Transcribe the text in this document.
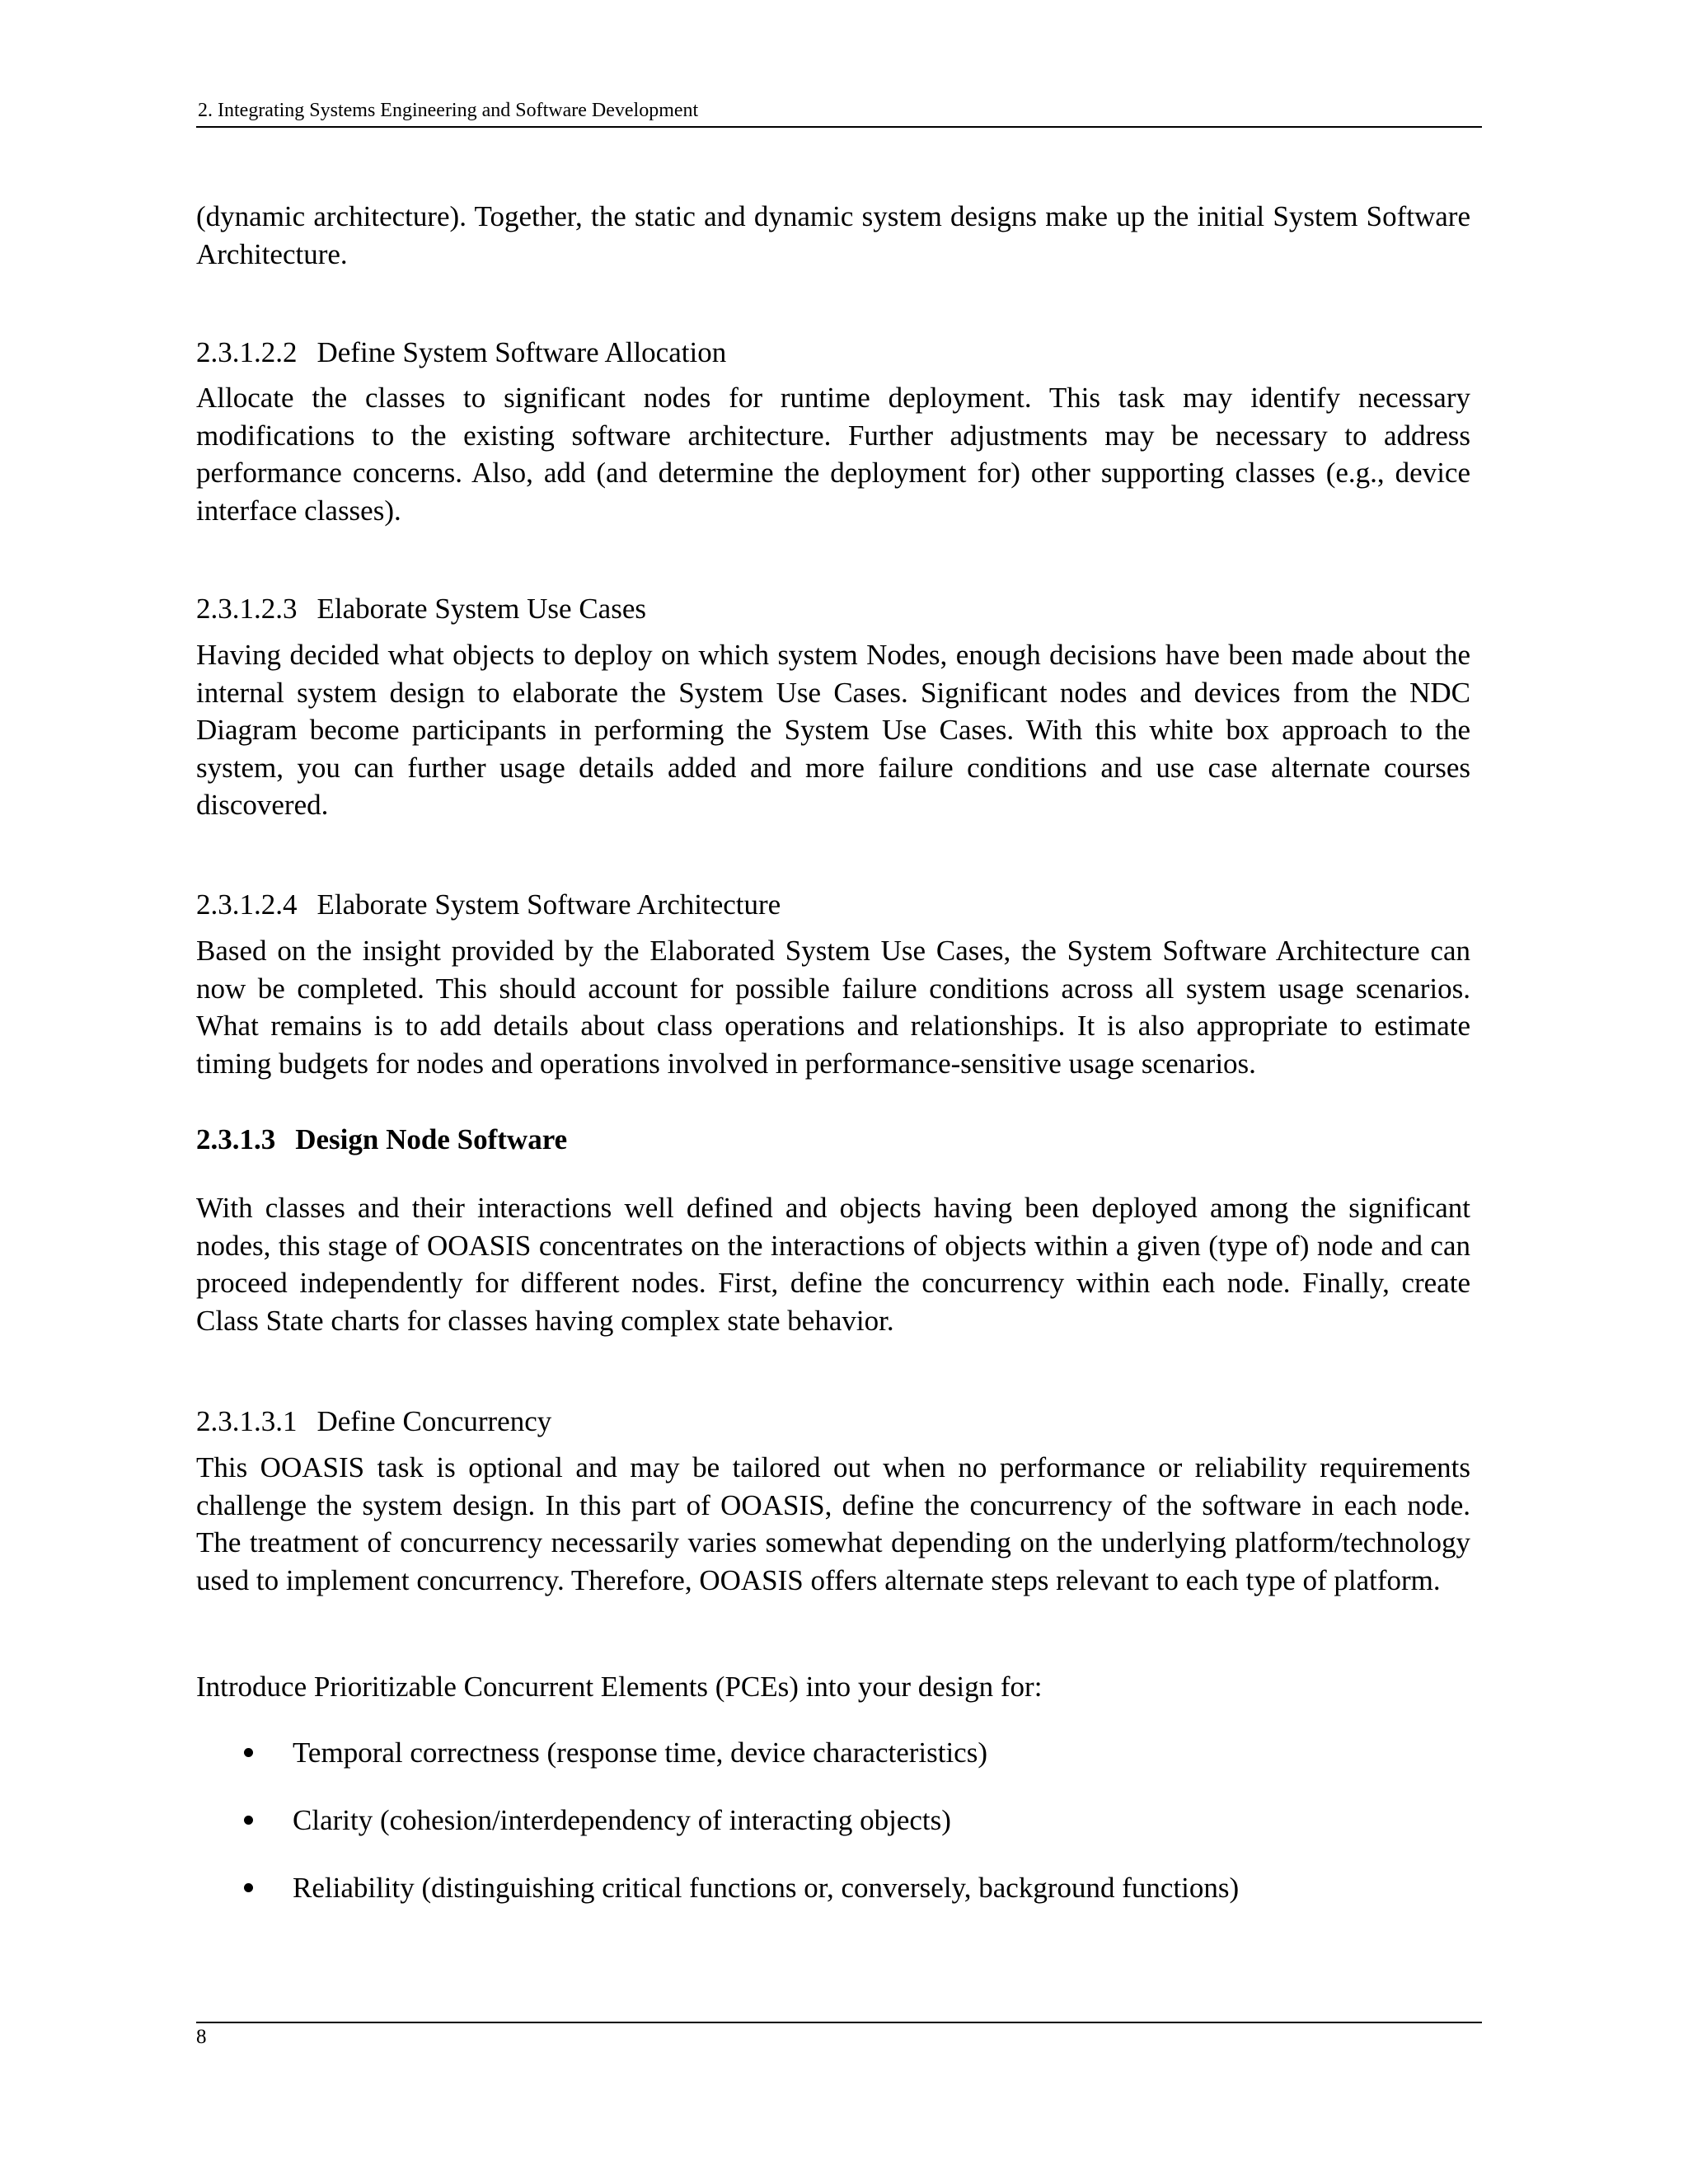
2. Integrating Systems Engineering and Software Development

(dynamic architecture). Together, the static and dynamic system designs make up the initial System Software Architecture.

2.3.1.2.2 Define System Software Allocation

Allocate the classes to significant nodes for runtime deployment. This task may identify necessary modifications to the existing software architecture. Further adjustments may be necessary to address performance concerns. Also, add (and determine the deployment for) other supporting classes (e.g., device interface classes).

2.3.1.2.3 Elaborate System Use Cases

Having decided what objects to deploy on which system Nodes, enough decisions have been made about the internal system design to elaborate the System Use Cases. Significant nodes and devices from the NDC Diagram become participants in performing the System Use Cases. With this white box approach to the system, you can further usage details added and more failure conditions and use case alternate courses discovered.

2.3.1.2.4 Elaborate System Software Architecture

Based on the insight provided by the Elaborated System Use Cases, the System Software Architecture can now be completed. This should account for possible failure conditions across all system usage scenarios. What remains is to add details about class operations and relationships. It is also appropriate to estimate timing budgets for nodes and operations involved in performance-sensitive usage scenarios.

2.3.1.3 Design Node Software

With classes and their interactions well defined and objects having been deployed among the significant nodes, this stage of OOASIS concentrates on the interactions of objects within a given (type of) node and can proceed independently for different nodes. First, define the concurrency within each node. Finally, create Class State charts for classes having complex state behavior.

2.3.1.3.1 Define Concurrency

This OOASIS task is optional and may be tailored out when no performance or reliability requirements challenge the system design. In this part of OOASIS, define the concurrency of the software in each node. The treatment of concurrency necessarily varies somewhat depending on the underlying platform/technology used to implement concurrency. Therefore, OOASIS offers alternate steps relevant to each type of platform.

Introduce Prioritizable Concurrent Elements (PCEs) into your design for:

Temporal correctness (response time, device characteristics)
Clarity (cohesion/interdependency of interacting objects)
Reliability (distinguishing critical functions or, conversely, background functions)
8
